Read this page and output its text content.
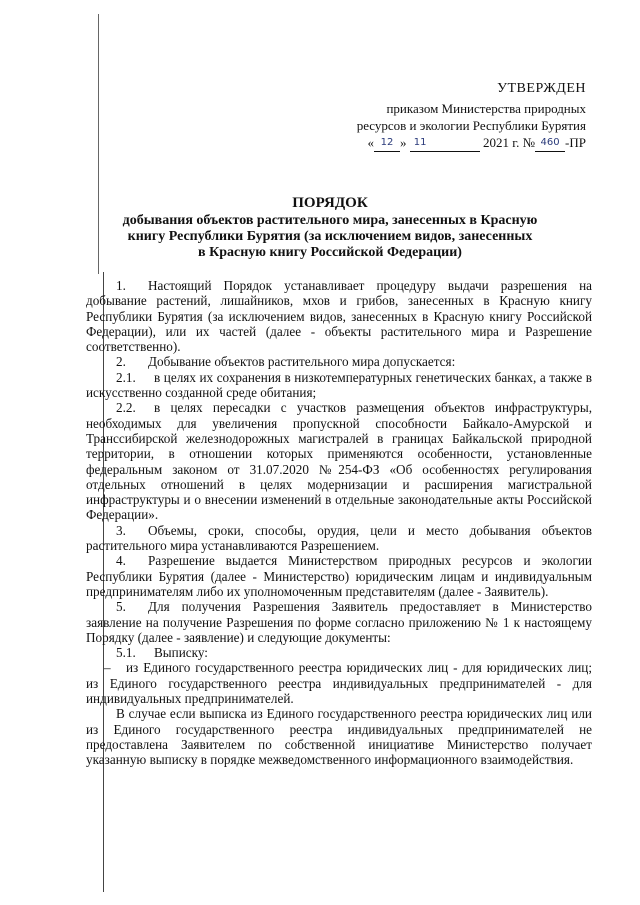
УТВЕРЖДЕН
приказом Министерства природных
ресурсов и экологии Республики Бурятия
« 12 » 11	2021 г. № 460 -ПР
ПОРЯДОК
добывания объектов растительного мира, занесенных в Красную
книгу Республики Бурятия (за исключением видов, занесенных
в Красную книгу Российской Федерации)

1. Настоящий Порядок устанавливает процедуру выдачи разрешения на добывание растений, лишайников, мхов и грибов, занесенных в Красную книгу Республики Бурятия (за исключением видов, занесенных в Красную книгу Российской Федерации), или их частей (далее - объекты растительного мира и Разрешение соответственно).

2. Добывание объектов растительного мира допускается:

2.1. в целях их сохранения в низкотемпературных генетических банках, а также в искусственно созданной среде обитания;

2.2. в целях пересадки с участков размещения объектов инфраструктуры, необходимых для увеличения пропускной способности Байкало-Амурской и Транссибирской железнодорожных магистралей в границах Байкальской природной территории, в отношении которых применяются особенности, установленные федеральным законом от 31.07.2020 №254-ФЗ «Об особенностях регулирования отдельных отношений в целях модернизации и расширения магистральной инфраструктуры и о внесении изменений в отдельные законодательные акты Российской Федерации».

3. Объемы, сроки, способы, орудия, цели и место добывания объектов растительного мира устанавливаются Разрешением.

4. Разрешение выдается Министерством природных ресурсов и экологии Республики Бурятия (далее - Министерство) юридическим лицам и индивидуальным предпринимателям либо их уполномоченным представителям (далее - Заявитель).

5. Для получения Разрешения Заявитель предоставляет в Министерство заявление на получение Разрешения по форме согласно приложению № 1 к настоящему Порядку (далее - заявление) и следующие документы:

5.1. Выписку:

– из Единого государственного реестра юридических лиц - для юридических лиц; из Единого государственного реестра индивидуальных предпринимателей - для индивидуальных предпринимателей.

В случае если выписка из Единого государственного реестра юридических лиц или из Единого государственного реестра индивидуальных предпринимателей не предоставлена Заявителем по собственной инициативе Министерство получает указанную выписку в порядке межведомственного информационного взаимодействия.
